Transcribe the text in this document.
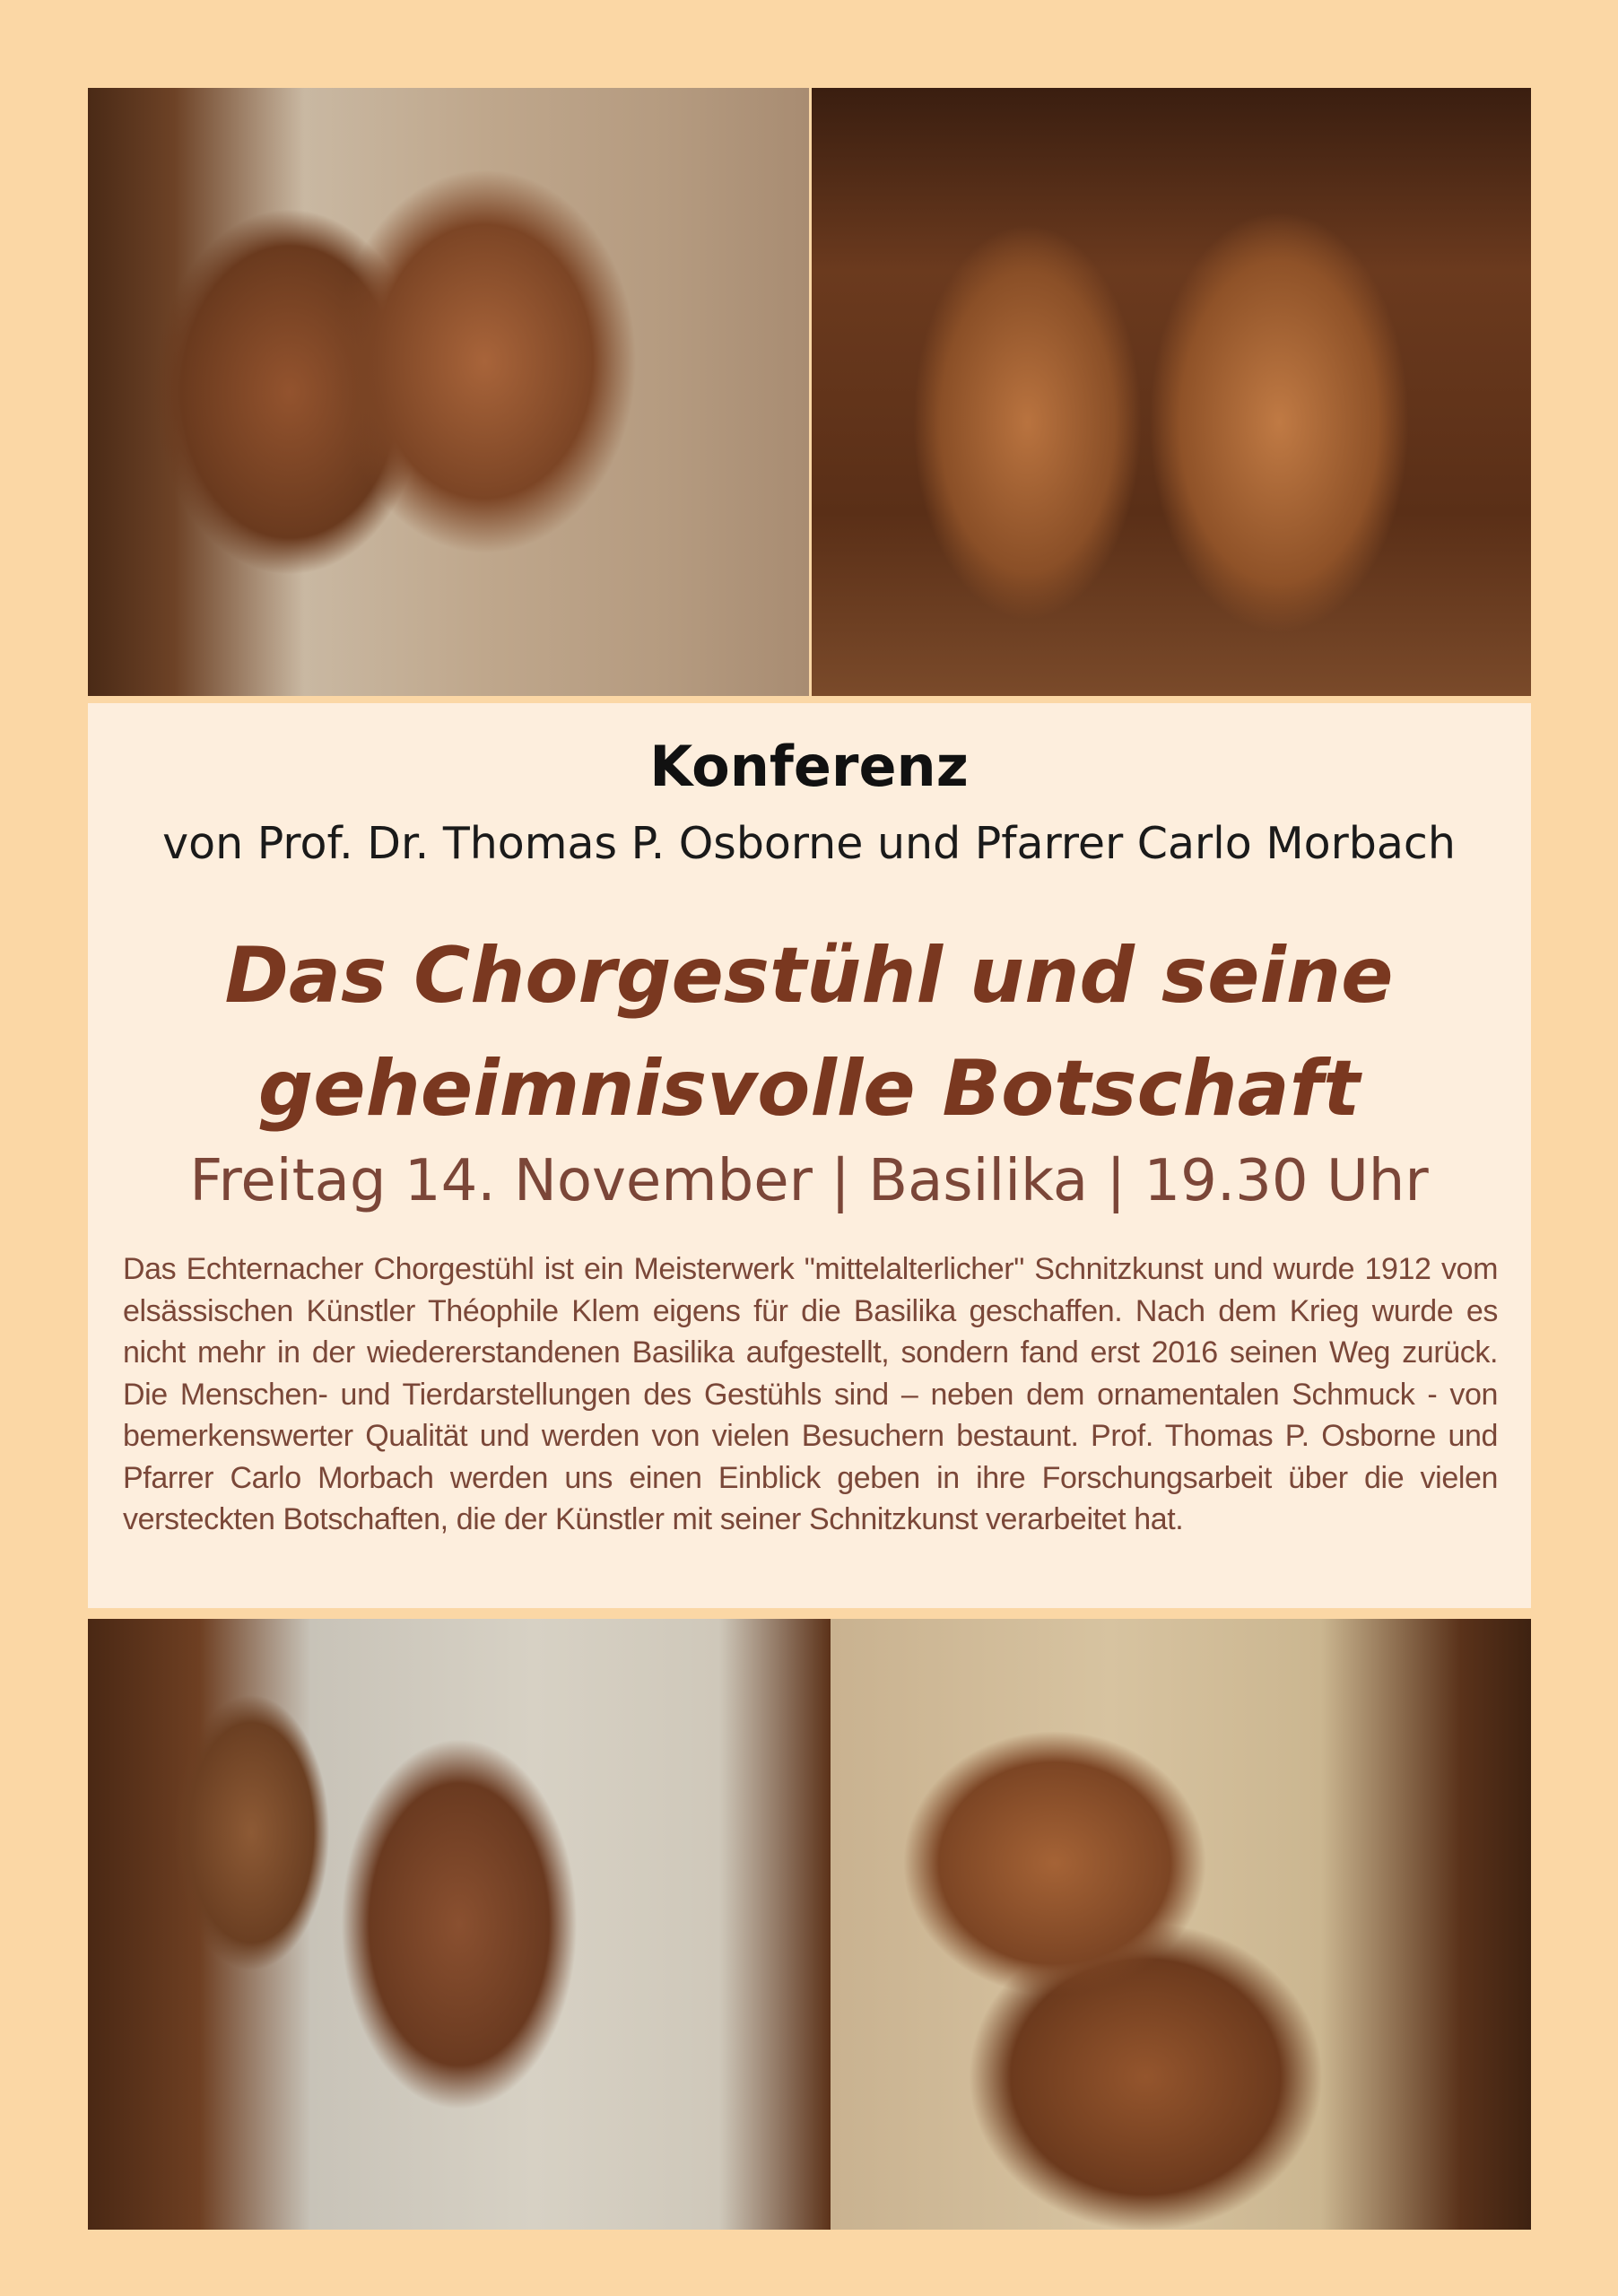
Konferenz
von Prof. Dr. Thomas P. Osborne und Pfarrer Carlo Morbach
Das Chorgestühl und seine
geheimnisvolle Botschaft
Freitag 14. November | Basilika | 19.30 Uhr
Das Echternacher Chorgestühl ist ein Meisterwerk "mittelalterlicher" Schnitzkunst und wurde 1912 vom elsässischen Künstler Théophile Klem eigens für die Basilika geschaffen. Nach dem Krieg wurde es nicht mehr in der wiedererstandenen Basilika aufgestellt, sondern fand erst 2016 seinen Weg zurück. Die Menschen- und Tierdarstellungen des Gestühls sind – neben dem ornamentalen Schmuck - von bemerkenswerter Qualität und werden von vielen Besuchern bestaunt. Prof. Thomas P. Osborne und Pfarrer Carlo Morbach werden uns einen Einblick geben in ihre Forschungsarbeit über die vielen versteckten Botschaften, die der Künstler mit seiner Schnitzkunst verarbeitet hat.
